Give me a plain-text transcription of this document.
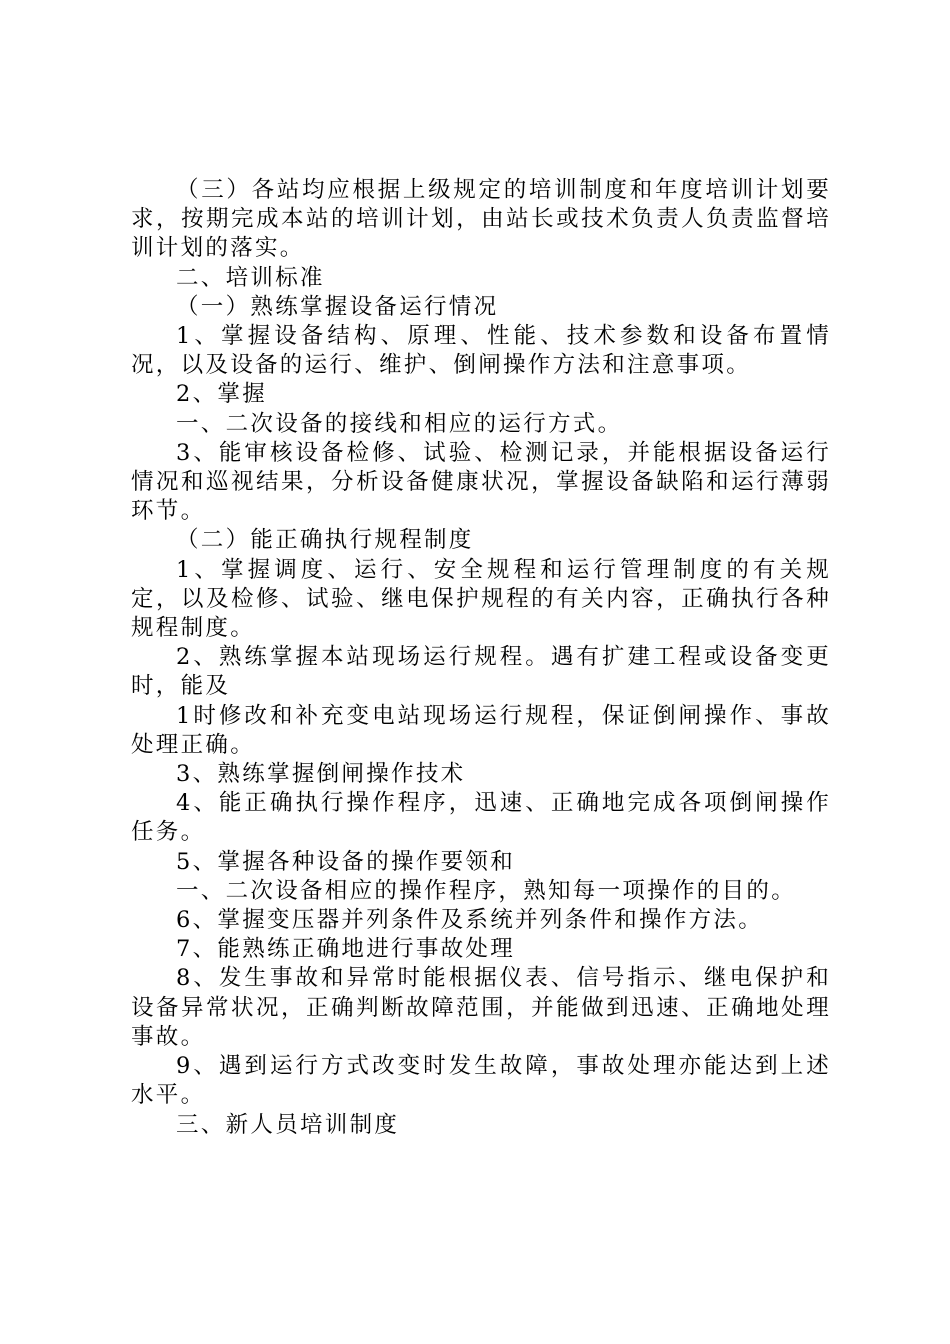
（三）各站均应根据上级规定的培训制度和年度培训计划要求，按期完成本站的培训计划，由站长或技术负责人负责监督培训计划的落实。

二、培训标准

（一）熟练掌握设备运行情况

1、掌握设备结构、原理、性能、技术参数和设备布置情况，以及设备的运行、维护、倒闸操作方法和注意事项。

2、掌握

一、二次设备的接线和相应的运行方式。

3、能审核设备检修、试验、检测记录，并能根据设备运行情况和巡视结果，分析设备健康状况，掌握设备缺陷和运行薄弱环节。

（二）能正确执行规程制度

1、掌握调度、运行、安全规程和运行管理制度的有关规定，以及检修、试验、继电保护规程的有关内容，正确执行各种规程制度。

2、熟练掌握本站现场运行规程。遇有扩建工程或设备变更时，能及

1时修改和补充变电站现场运行规程，保证倒闸操作、事故处理正确。

3、熟练掌握倒闸操作技术

4、能正确执行操作程序，迅速、正确地完成各项倒闸操作任务。

5、掌握各种设备的操作要领和

一、二次设备相应的操作程序，熟知每一项操作的目的。

6、掌握变压器并列条件及系统并列条件和操作方法。

7、能熟练正确地进行事故处理

8、发生事故和异常时能根据仪表、信号指示、继电保护和设备异常状况，正确判断故障范围，并能做到迅速、正确地处理事故。

9、遇到运行方式改变时发生故障，事故处理亦能达到上述水平。

三、新人员培训制度
